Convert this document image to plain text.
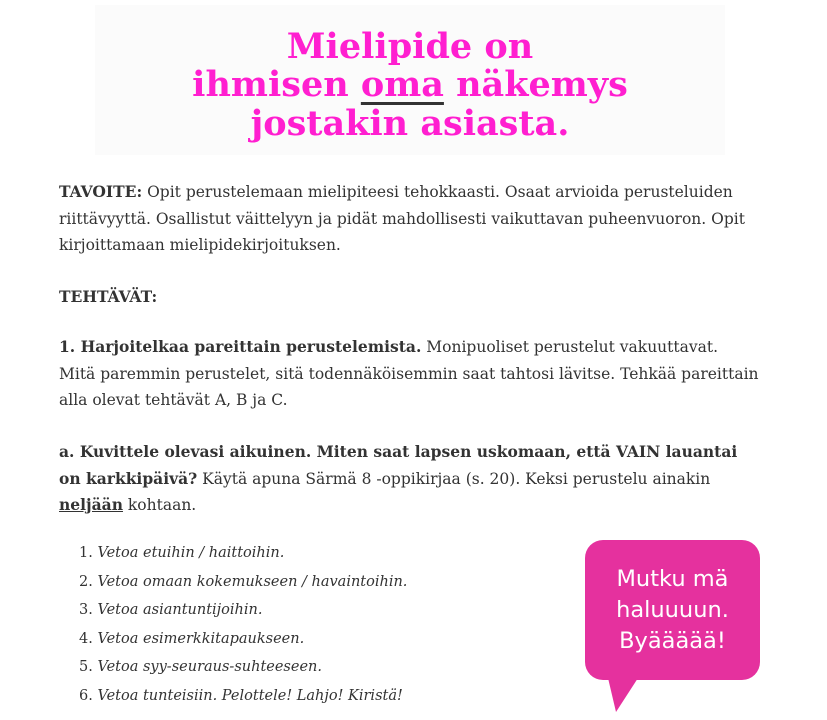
Mielipide on
ihmisen oma näkemys
jostakin asiasta.
TAVOITE: Opit perustelemaan mielipiteesi tehokkaasti. Osaat arvioida perusteluiden riittävyyttä. Osallistut väittelyyn ja pidät mahdollisesti vaikuttavan puheenvuoron. Opit kirjoittamaan mielipidekirjoituksen.
TEHTÄVÄT:
1. Harjoitelkaa pareittain perustelemista. Monipuoliset perustelut vakuuttavat. Mitä paremmin perustelet, sitä todennäköisemmin saat tahtosi lävitse. Tehkää pareittain alla olevat tehtävät A, B ja C.
a. Kuvittele olevasi aikuinen. Miten saat lapsen uskomaan, että VAIN lauantai on karkkipäivä? Käytä apuna Särmä 8 -oppikirjaa (s. 20). Keksi perustelu ainakin neljään kohtaan.
1. Vetoa etuihin / haittoihin.
2. Vetoa omaan kokemukseen / havaintoihin.
3. Vetoa asiantuntijoihin.
4. Vetoa esimerkkitapaukseen.
5. Vetoa syy-seuraus-suhteeseen.
6. Vetoa tunteisiin. Pelottele! Lahjo! Kiristä!
Mutku mä
haluuuun.
Byäääää!
